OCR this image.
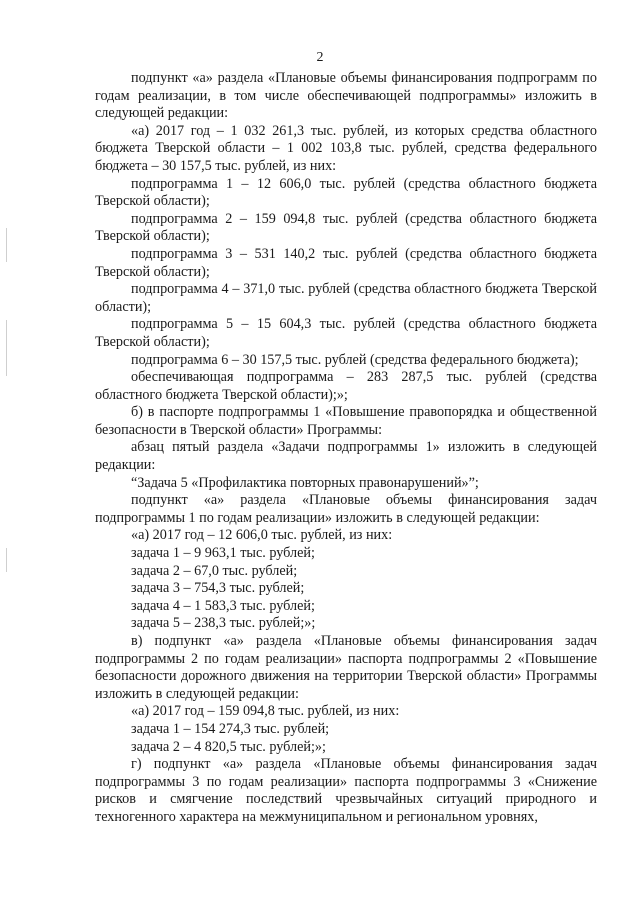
2

подпункт «а» раздела «Плановые объемы финансирования подпрограмм по годам реализации, в том числе обеспечивающей подпрограммы» изложить в следующей редакции:

«а) 2017 год – 1 032 261,3 тыс. рублей, из которых средства областного бюджета Тверской области – 1 002 103,8 тыс. рублей, средства федерального бюджета – 30 157,5 тыс. рублей, из них:

подпрограмма 1 – 12 606,0 тыс. рублей (средства областного бюджета Тверской области);

подпрограмма 2 – 159 094,8 тыс. рублей (средства областного бюджета Тверской области);

подпрограмма 3 – 531 140,2 тыс. рублей (средства областного бюджета Тверской области);

подпрограмма 4 – 371,0 тыс. рублей (средства областного бюджета Тверской области);

подпрограмма 5 – 15 604,3 тыс. рублей (средства областного бюджета Тверской области);

подпрограмма 6 – 30 157,5 тыс. рублей (средства федерального бюджета);

обеспечивающая подпрограмма – 283 287,5 тыс. рублей (средства областного бюджета Тверской области);»;

б) в паспорте подпрограммы 1 «Повышение правопорядка и общественной безопасности в Тверской области» Программы:

абзац пятый раздела «Задачи подпрограммы 1» изложить в следующей редакции:

“Задача 5 «Профилактика повторных правонарушений»”;

подпункт «а» раздела «Плановые объемы финансирования задач подпрограммы 1 по годам реализации» изложить в следующей редакции:

«а) 2017 год – 12 606,0 тыс. рублей, из них:

задача 1 – 9 963,1 тыс. рублей;

задача 2 – 67,0 тыс. рублей;

задача 3 – 754,3 тыс. рублей;

задача 4 – 1 583,3 тыс. рублей;

задача 5 – 238,3 тыс. рублей;»;

в) подпункт «а» раздела «Плановые объемы финансирования задач подпрограммы 2 по годам реализации» паспорта подпрограммы 2 «Повышение безопасности дорожного движения на территории Тверской области» Программы изложить в следующей редакции:

«а) 2017 год – 159 094,8 тыс. рублей, из них:

задача 1 – 154 274,3 тыс. рублей;

задача 2 – 4 820,5 тыс. рублей;»;

г) подпункт «а» раздела «Плановые объемы финансирования задач подпрограммы 3 по годам реализации» паспорта подпрограммы 3 «Снижение рисков и смягчение последствий чрезвычайных ситуаций природного и техногенного характера на межмуниципальном и региональном уровнях,
